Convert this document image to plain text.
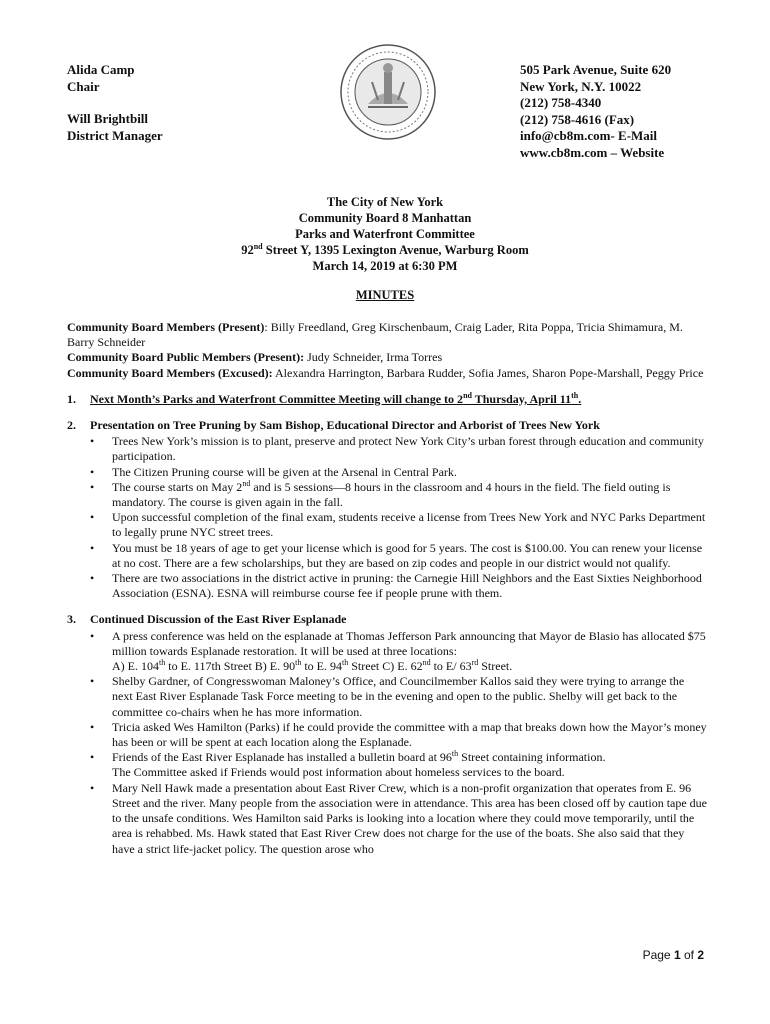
Alida Camp
Chair
Will Brightbill
District Manager
505 Park Avenue, Suite 620
New York, N.Y. 10022
(212) 758-4340
(212) 758-4616 (Fax)
info@cb8m.com- E-Mail
www.cb8m.com – Website
The City of New York
Community Board 8 Manhattan
Parks and Waterfront Committee
92nd Street Y, 1395 Lexington Avenue, Warburg Room
March 14, 2019 at 6:30 PM
MINUTES

Community Board Members (Present): Billy Freedland, Greg Kirschenbaum, Craig Lader, Rita Poppa, Tricia Shimamura, M. Barry Schneider

Community Board Public Members (Present): Judy Schneider, Irma Torres

Community Board Members (Excused): Alexandra Harrington, Barbara Rudder, Sofia James, Sharon Pope-Marshall, Peggy Price

1.	Next Month’s Parks and Waterfront Committee Meeting will change to 2nd Thursday, April 11th.
2.	Presentation on Tree Pruning by Sam Bishop, Educational Director and Arborist of Trees New York
• Trees New York’s mission is to plant, preserve and protect New York City’s urban forest through education and community participation.
• The Citizen Pruning course will be given at the Arsenal in Central Park.
• The course starts on May 2nd and is 5 sessions—8 hours in the classroom and 4 hours in the field. The field outing is mandatory. The course is given again in the fall.
• Upon successful completion of the final exam, students receive a license from Trees New York and NYC Parks Department to legally prune NYC street trees.
• You must be 18 years of age to get your license which is good for 5 years. The cost is $100.00. You can renew your license at no cost. There are a few scholarships, but they are based on zip codes and people in our district would not qualify.
• There are two associations in the district active in pruning: the Carnegie Hill Neighbors and the East Sixties Neighborhood Association (ESNA). ESNA will reimburse course fee if people prune with them.
3.	Continued Discussion of the East River Esplanade
• A press conference was held on the esplanade at Thomas Jefferson Park announcing that Mayor de Blasio has allocated $75 million towards Esplanade restoration. It will be used at three locations:
A) E. 104th to E. 117th Street B) E. 90th to E. 94th Street C) E. 62nd to E/ 63rd Street.
• Shelby Gardner, of Congresswoman Maloney’s Office, and Councilmember Kallos said they were trying to arrange the next East River Esplanade Task Force meeting to be in the evening and open to the public. Shelby will get back to the committee co-chairs when he has more information.
• Tricia asked Wes Hamilton (Parks) if he could provide the committee with a map that breaks down how the Mayor’s money has been or will be spent at each location along the Esplanade.
• Friends of the East River Esplanade has installed a bulletin board at 96th Street containing information.
The Committee asked if Friends would post information about homeless services to the board.
• Mary Nell Hawk made a presentation about East River Crew, which is a non-profit organization that operates from E. 96 Street and the river. Many people from the association were in attendance. This area has been closed off by caution tape due to the unsafe conditions. Wes Hamilton said Parks is looking into a location where they could move temporarily, until the area is rehabbed. Ms. Hawk stated that East River Crew does not charge for the use of the boats. She also said that they have a strict life-jacket policy. The question arose who
Page 1 of 2
